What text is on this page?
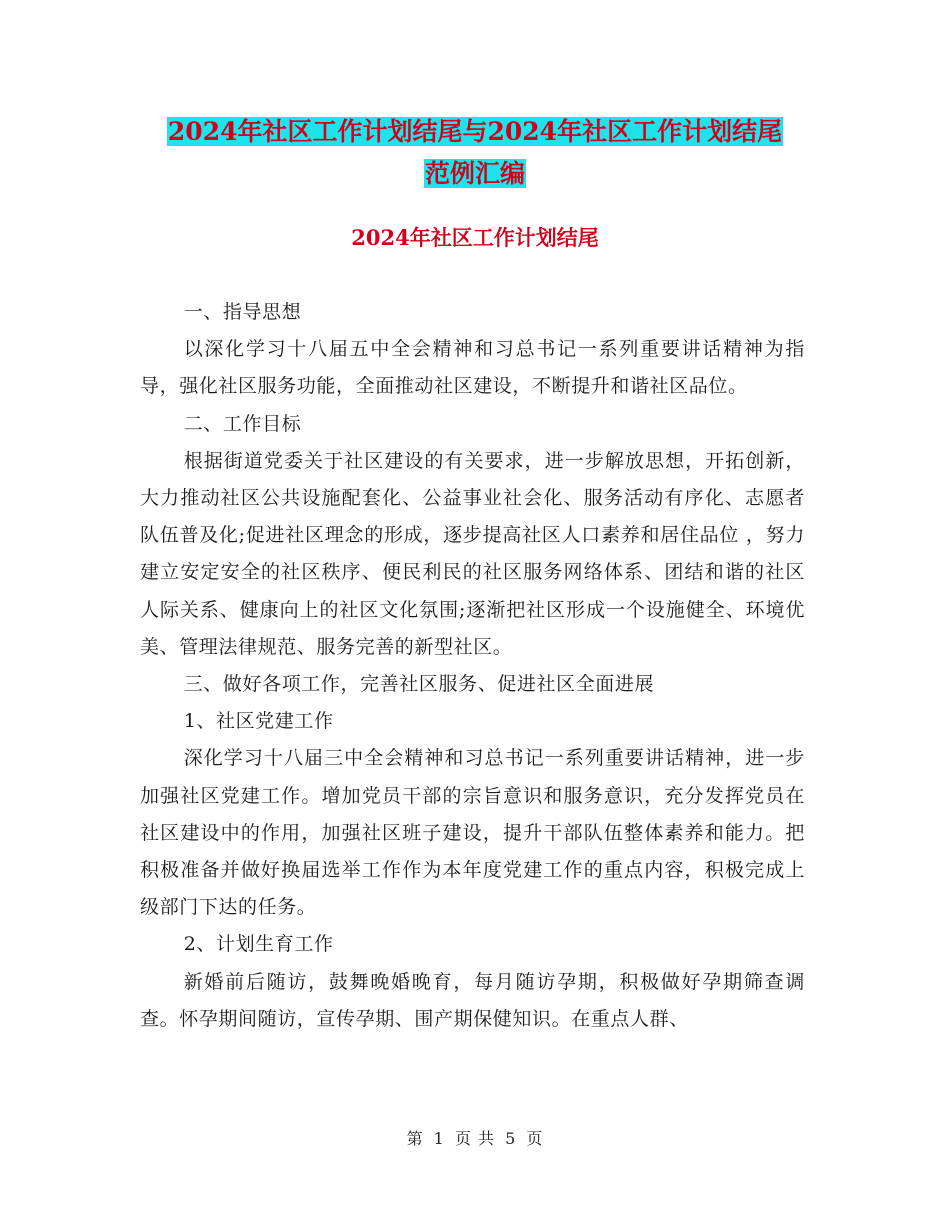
2024年社区工作计划结尾与2024年社区工作计划结尾
范例汇编
2024年社区工作计划结尾

一、指导思想

以深化学习十八届五中全会精神和习总书记一系列重要讲话精神为指导，强化社区服务功能，全面推动社区建设，不断提升和谐社区品位。

二、工作目标

根据街道党委关于社区建设的有关要求，进一步解放思想，开拓创新，大力推动社区公共设施配套化、公益事业社会化、服务活动有序化、志愿者队伍普及化;促进社区理念的形成，逐步提高社区人口素养和居住品位 ，努力建立安定安全的社区秩序、便民利民的社区服务网络体系、团结和谐的社区人际关系、健康向上的社区文化氛围;逐渐把社区形成一个设施健全、环境优美、管理法律规范、服务完善的新型社区。

三、做好各项工作，完善社区服务、促进社区全面进展

1、社区党建工作

深化学习十八届三中全会精神和习总书记一系列重要讲话精神，进一步加强社区党建工作。增加党员干部的宗旨意识和服务意识，充分发挥党员在社区建设中的作用，加强社区班子建设，提升干部队伍整体素养和能力。把积极准备并做好换届选举工作作为本年度党建工作的重点内容，积极完成上级部门下达的任务。

2、计划生育工作

新婚前后随访，鼓舞晚婚晚育，每月随访孕期，积极做好孕期筛查调查。怀孕期间随访，宣传孕期、围产期保健知识。在重点人群、

第 1 页 共 5 页
